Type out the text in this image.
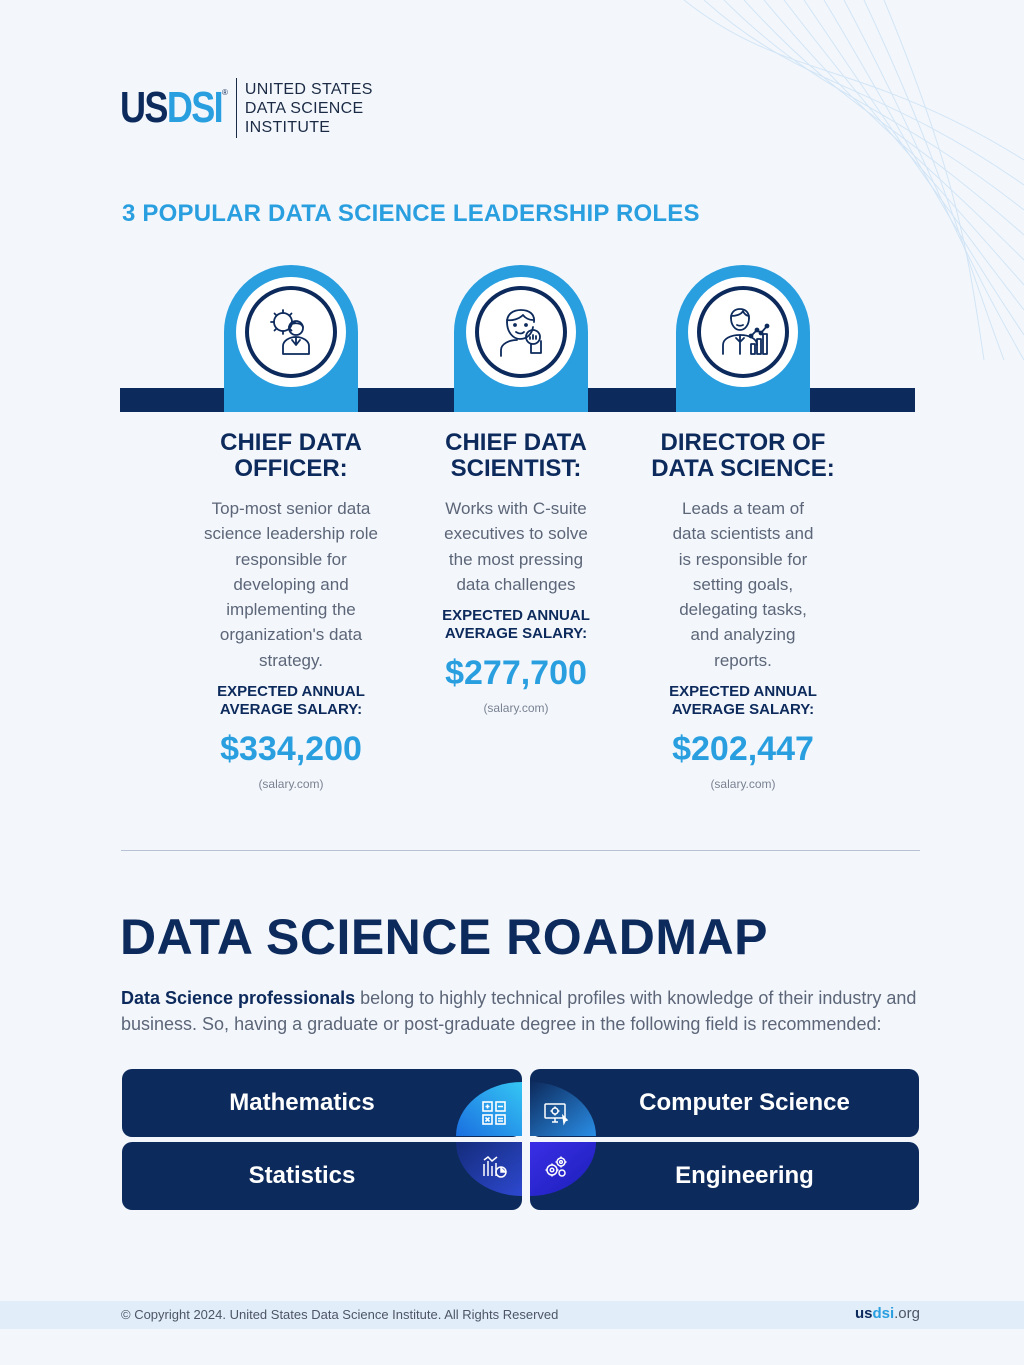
USDSI ® UNITED STATES
DATA SCIENCE
INSTITUTE
3 POPULAR DATA SCIENCE LEADERSHIP ROLES
CHIEF DATA
OFFICER:
Top-most senior data science leadership role responsible for developing and implementing the organization's data strategy.
EXPECTED ANNUAL
AVERAGE SALARY:
$334,200
(salary.com)
CHIEF DATA
SCIENTIST:
Works with C-suite executives to solve the most pressing data challenges
EXPECTED ANNUAL
AVERAGE SALARY:
$277,700
(salary.com)
DIRECTOR OF
DATA SCIENCE:
Leads a team of data scientists and is responsible for setting goals, delegating tasks, and analyzing reports.
EXPECTED ANNUAL
AVERAGE SALARY:
$202,447
(salary.com)
DATA SCIENCE ROADMAP
Data Science professionals belong to highly technical profiles with knowledge of their industry and business. So, having a graduate or post-graduate degree in the following field is recommended:
Mathematics	Computer Science
Statistics	Engineering
© Copyright 2024. United States Data Science Institute. All Rights Reserved	usdsi.org
